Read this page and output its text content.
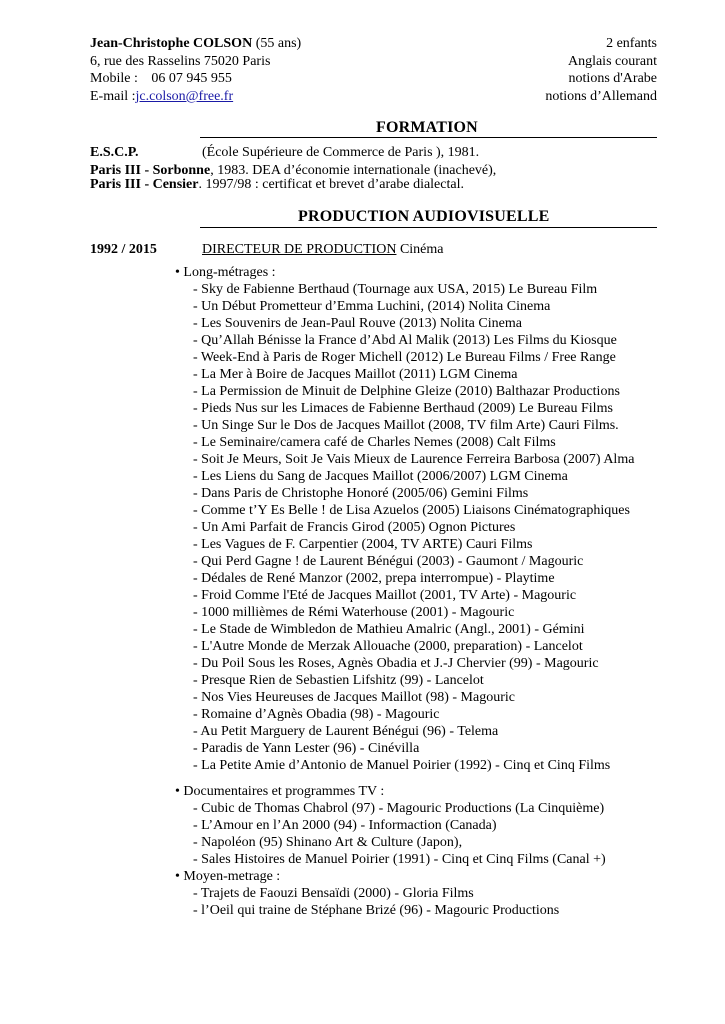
Jean-Christophe COLSON (55 ans)
6, rue des Rasselins 75020 Paris
Mobile : 06 07 945 955
E-mail :jc.colson@free.fr
2 enfants
Anglais courant
notions d'Arabe
notions d’Allemand
FORMATION
E.S.C.P.	(École Supérieure de Commerce de Paris ), 1981.
Paris III - Sorbonne, 1983. DEA d’économie internationale (inachevé),
Paris III - Censier. 1997/98 : certificat et brevet d’arabe dialectal.
PRODUCTION AUDIOVISUELLE
1992 / 2015	DIRECTEUR DE PRODUCTION Cinéma
• Long-métrages :
- Sky de Fabienne Berthaud (Tournage aux USA, 2015) Le Bureau Film
- Un Début Prometteur d’Emma Luchini, (2014) Nolita Cinema
- Les Souvenirs de Jean-Paul Rouve (2013) Nolita Cinema
- Qu’Allah Bénisse la France d’Abd Al Malik (2013) Les Films du Kiosque
- Week-End à Paris de Roger Michell (2012) Le Bureau Films / Free Range
- La Mer à Boire de Jacques Maillot (2011) LGM Cinema
- La Permission de Minuit de Delphine Gleize (2010) Balthazar Productions
- Pieds Nus sur les Limaces de Fabienne Berthaud (2009) Le Bureau Films
- Un Singe Sur le Dos de Jacques Maillot (2008, TV film Arte) Cauri Films.
- Le Seminaire/camera café de Charles Nemes (2008) Calt Films
- Soit Je Meurs, Soit Je Vais Mieux de Laurence Ferreira Barbosa (2007) Alma
- Les Liens du Sang de Jacques Maillot (2006/2007) LGM Cinema
- Dans Paris de Christophe Honoré (2005/06) Gemini Films
- Comme t’Y Es Belle ! de Lisa Azuelos (2005) Liaisons Cinématographiques
- Un Ami Parfait de Francis Girod (2005) Ognon Pictures
- Les Vagues de F. Carpentier (2004, TV ARTE) Cauri Films
- Qui Perd Gagne ! de Laurent Bénégui (2003) - Gaumont / Magouric
- Dédales de René Manzor (2002, prepa interrompue) - Playtime
- Froid Comme l'Eté de Jacques Maillot (2001, TV Arte) - Magouric
- 1000 millièmes de Rémi Waterhouse (2001) - Magouric
- Le Stade de Wimbledon de Mathieu Amalric (Angl., 2001) - Gémini
- L'Autre Monde de Merzak Allouache (2000, preparation) - Lancelot
- Du Poil Sous les Roses, Agnès Obadia et J.-J Chervier (99) - Magouric
- Presque Rien de Sebastien Lifshitz (99) - Lancelot
- Nos Vies Heureuses de Jacques Maillot (98) - Magouric
- Romaine d’Agnès Obadia (98) - Magouric
- Au Petit Marguery de Laurent Bénégui (96) - Telema
- Paradis de Yann Lester (96) - Cinévilla
- La Petite Amie d’Antonio de Manuel Poirier (1992) - Cinq et Cinq Films
• Documentaires et programmes TV :
- Cubic de Thomas Chabrol (97) - Magouric Productions (La Cinquième)
- L’Amour en l’An 2000 (94) - Informaction (Canada)
- Napoléon (95) Shinano Art & Culture (Japon),
- Sales Histoires de Manuel Poirier (1991) - Cinq et Cinq Films (Canal +)
• Moyen-metrage :
- Trajets de Faouzi Bensaïdi (2000) - Gloria Films
- l’Oeil qui traine de Stéphane Brizé (96) - Magouric Productions
